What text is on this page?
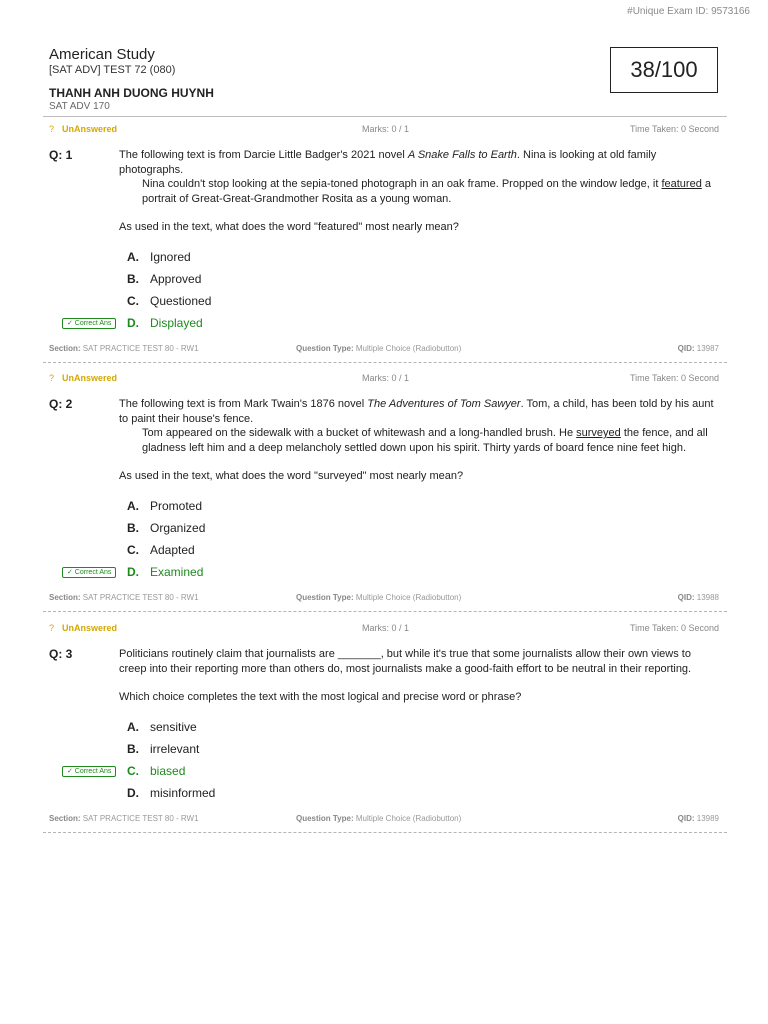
#Unique Exam ID: 9573166
American Study
[SAT ADV] TEST 72 (080)
THANH ANH DUONG HUYNH
SAT ADV 170
38/100
? UnAnswered	Marks: 0 / 1	Time Taken: 0 Second
Q: 1	The following text is from Darcie Little Badger's 2021 novel A Snake Falls to Earth. Nina is looking at old family photographs.
Nina couldn't stop looking at the sepia-toned photograph in an oak frame. Propped on the window ledge, it featured a portrait of Great-Great-Grandmother Rosita as a young woman.
As used in the text, what does the word "featured" most nearly mean?
A. Ignored
B. Approved
C. Questioned
✓ Correct Ans	D. Displayed
Section: SAT PRACTICE TEST 80 - RW1	Question Type: Multiple Choice (Radiobutton)	QID: 13987
? UnAnswered	Marks: 0 / 1	Time Taken: 0 Second
Q: 2	The following text is from Mark Twain's 1876 novel The Adventures of Tom Sawyer. Tom, a child, has been told by his aunt to paint their house's fence.
Tom appeared on the sidewalk with a bucket of whitewash and a long-handled brush. He surveyed the fence, and all gladness left him and a deep melancholy settled down upon his spirit. Thirty yards of board fence nine feet high.
As used in the text, what does the word "surveyed" most nearly mean?
A. Promoted
B. Organized
C. Adapted
✓ Correct Ans	D. Examined
Section: SAT PRACTICE TEST 80 - RW1	Question Type: Multiple Choice (Radiobutton)	QID: 13988
? UnAnswered	Marks: 0 / 1	Time Taken: 0 Second
Q: 3	Politicians routinely claim that journalists are _______, but while it's true that some journalists allow their own views to creep into their reporting more than others do, most journalists make a good-faith effort to be neutral in their reporting.
Which choice completes the text with the most logical and precise word or phrase?
A. sensitive
B. irrelevant
✓ Correct Ans	C. biased
D. misinformed
Section: SAT PRACTICE TEST 80 - RW1	Question Type: Multiple Choice (Radiobutton)	QID: 13989
